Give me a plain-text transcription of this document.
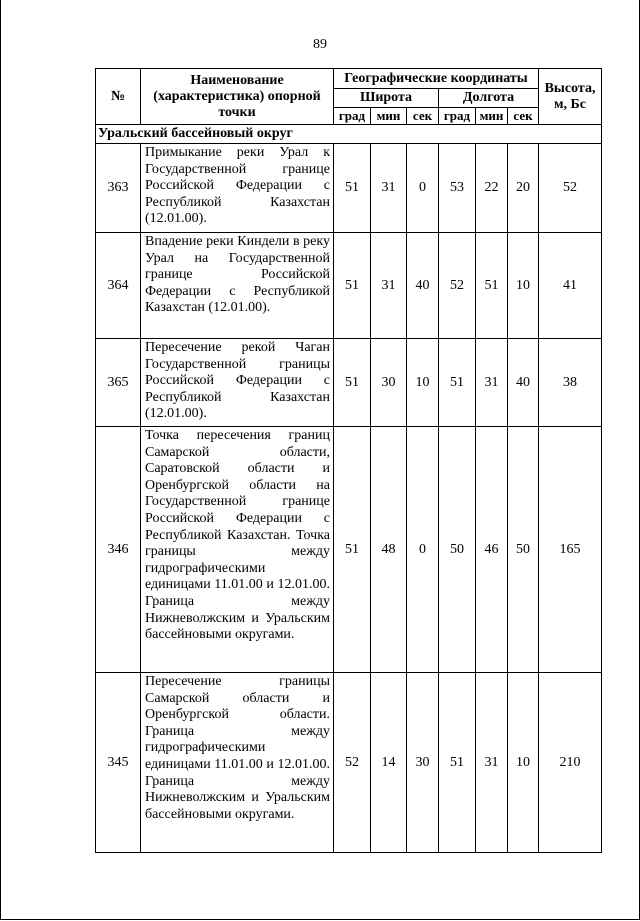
89
№	Наименование (характеристика) опорной точки	Географические координаты						Высота, м, Бс
		Широта			Долгота			
		град	мин	сек	град	мин	сек	
Уральский бассейновый округ								
363	Примыкание реки Урал к Государственной границе Российской Федерации с Республикой Казахстан (12.01.00).	51	31	0	53	22	20	52
364	Впадение реки Киндели в реку Урал на Государственной границе Российской Федерации с Республикой Казахстан (12.01.00).	51	31	40	52	51	10	41
365	Пересечение рекой Чаган Государственной границы Российской Федерации с Республикой Казахстан (12.01.00).	51	30	10	51	31	40	38
346	Точка пересечения границ Самарской области, Саратовской области и Оренбургской области на Государственной границе Российской Федерации с Республикой Казахстан. Точка границы между гидрографическими единицами 11.01.00 и 12.01.00. Граница между Нижневолжским и Уральским бассейновыми округами.	51	48	0	50	46	50	165
345	Пересечение границы Самарской области и Оренбургской области. Граница между гидрографическими единицами 11.01.00 и 12.01.00. Граница между Нижневолжским и Уральским бассейновыми округами.	52	14	30	51	31	10	210
